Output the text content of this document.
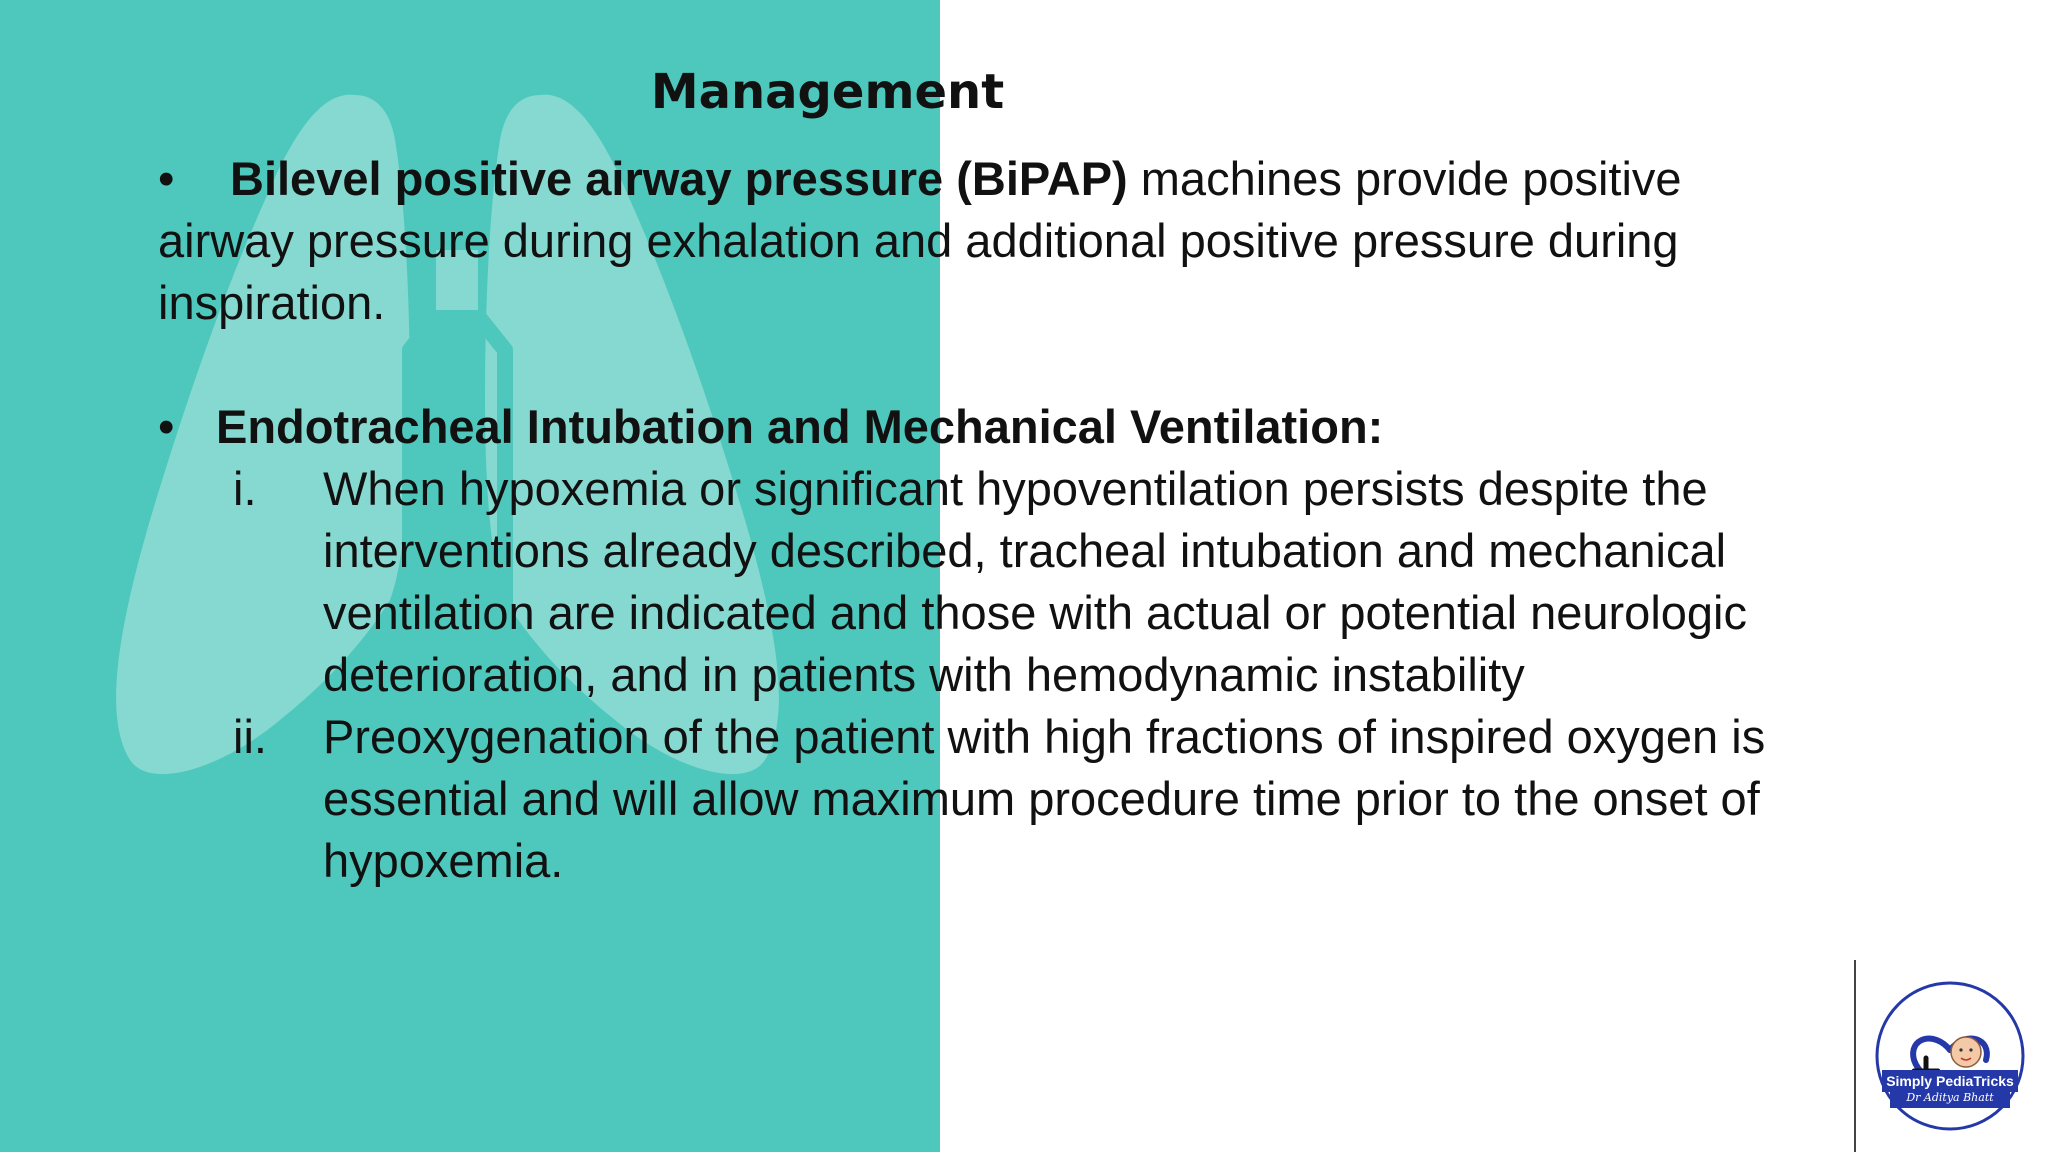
Management

• Bilevel positive airway pressure (BiPAP) machines provide positive

airway pressure during exhalation and additional positive pressure during
inspiration.
• Endotracheal Intubation and Mechanical Ventilation:
i. When hypoxemia or significant hypoventilation persists despite the
interventions already described, tracheal intubation and mechanical
ventilation are indicated and those with actual or potential neurologic
deterioration, and in patients with hemodynamic instability
ii. Preoxygenation of the patient with high fractions of inspired oxygen is
essential and will allow maximum procedure time prior to the onset of
hypoxemia.
Simply PediaTricks
Dr Aditya Bhatt
